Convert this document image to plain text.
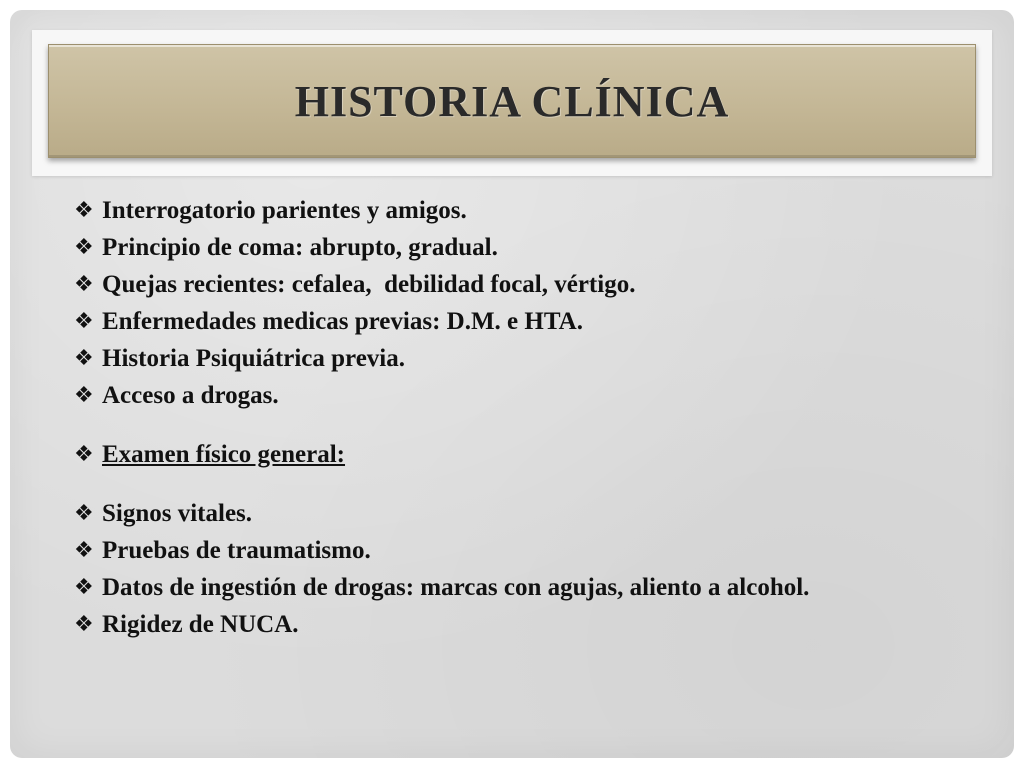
HISTORIA CLÍNICA
❖ Interrogatorio parientes y amigos.
❖ Principio de coma: abrupto, gradual.
❖ Quejas recientes: cefalea,  debilidad focal, vértigo.
❖ Enfermedades medicas previas: D.M. e HTA.
❖ Historia Psiquiátrica previa.
❖ Acceso a drogas.
❖ Examen físico general:
❖ Signos vitales.
❖ Pruebas de traumatismo.
❖ Datos de ingestión de drogas: marcas con agujas, aliento a alcohol.
❖ Rigidez de NUCA.
